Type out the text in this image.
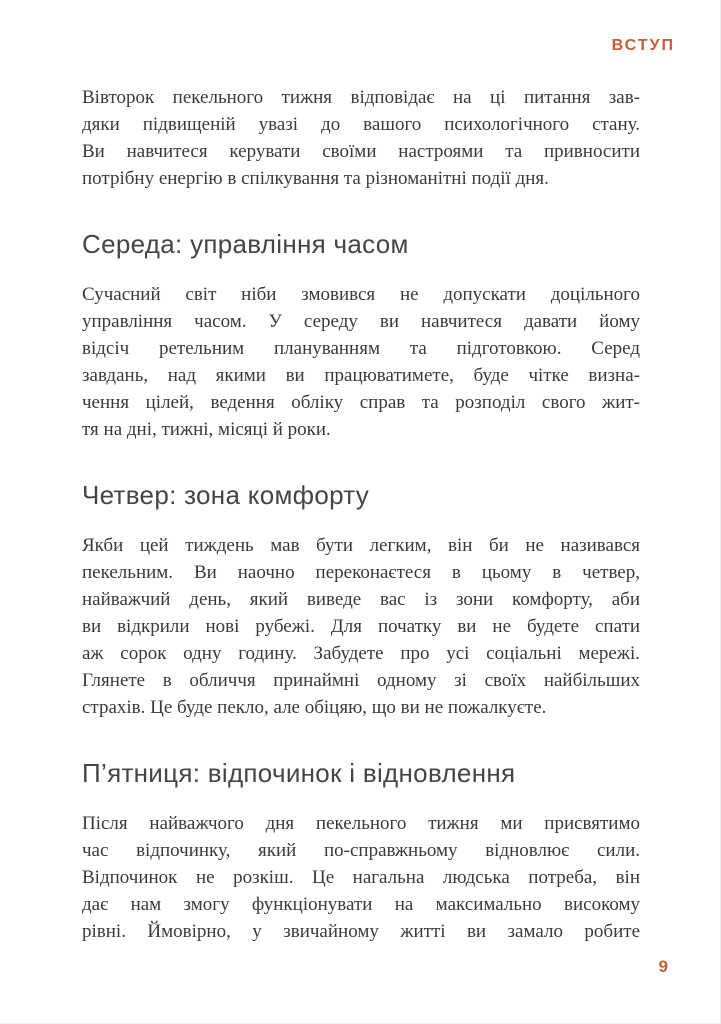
ВСТУП
Вівторок пекельного тижня відповідає на ці питання зав-
дяки підвищеній увазі до вашого психологічного стану.
Ви навчитеся керувати своїми настроями та привносити
потрібну енергію в спілкування та різноманітні події дня.
Середа: управління часом
Сучасний світ ніби змовився не допускати доцільного
управління часом. У середу ви навчитеся давати йому
відсіч ретельним плануванням та підготовкою. Серед
завдань, над якими ви працюватимете, буде чітке визна-
чення цілей, ведення обліку справ та розподіл свого жит-
тя на дні, тижні, місяці й роки.
Четвер: зона комфорту
Якби цей тиждень мав бути легким, він би не називався
пекельним. Ви наочно переконаєтеся в цьому в четвер,
найважчий день, який виведе вас із зони комфорту, аби
ви відкрили нові рубежі. Для початку ви не будете спати
аж сорок одну годину. Забудете про усі соціальні мережі.
Глянете в обличчя принаймні одному зі своїх найбільших
страхів. Це буде пекло, але обіцяю, що ви не пожалкуєте.
П’ятниця: відпочинок і відновлення
Після найважчого дня пекельного тижня ми присвятимо
час відпочинку, який по-справжньому відновлює сили.
Відпочинок не розкіш. Це нагальна людська потреба, він
дає нам змогу функціонувати на максимально високому
рівні. Ймовірно, у звичайному житті ви замало робите
9
